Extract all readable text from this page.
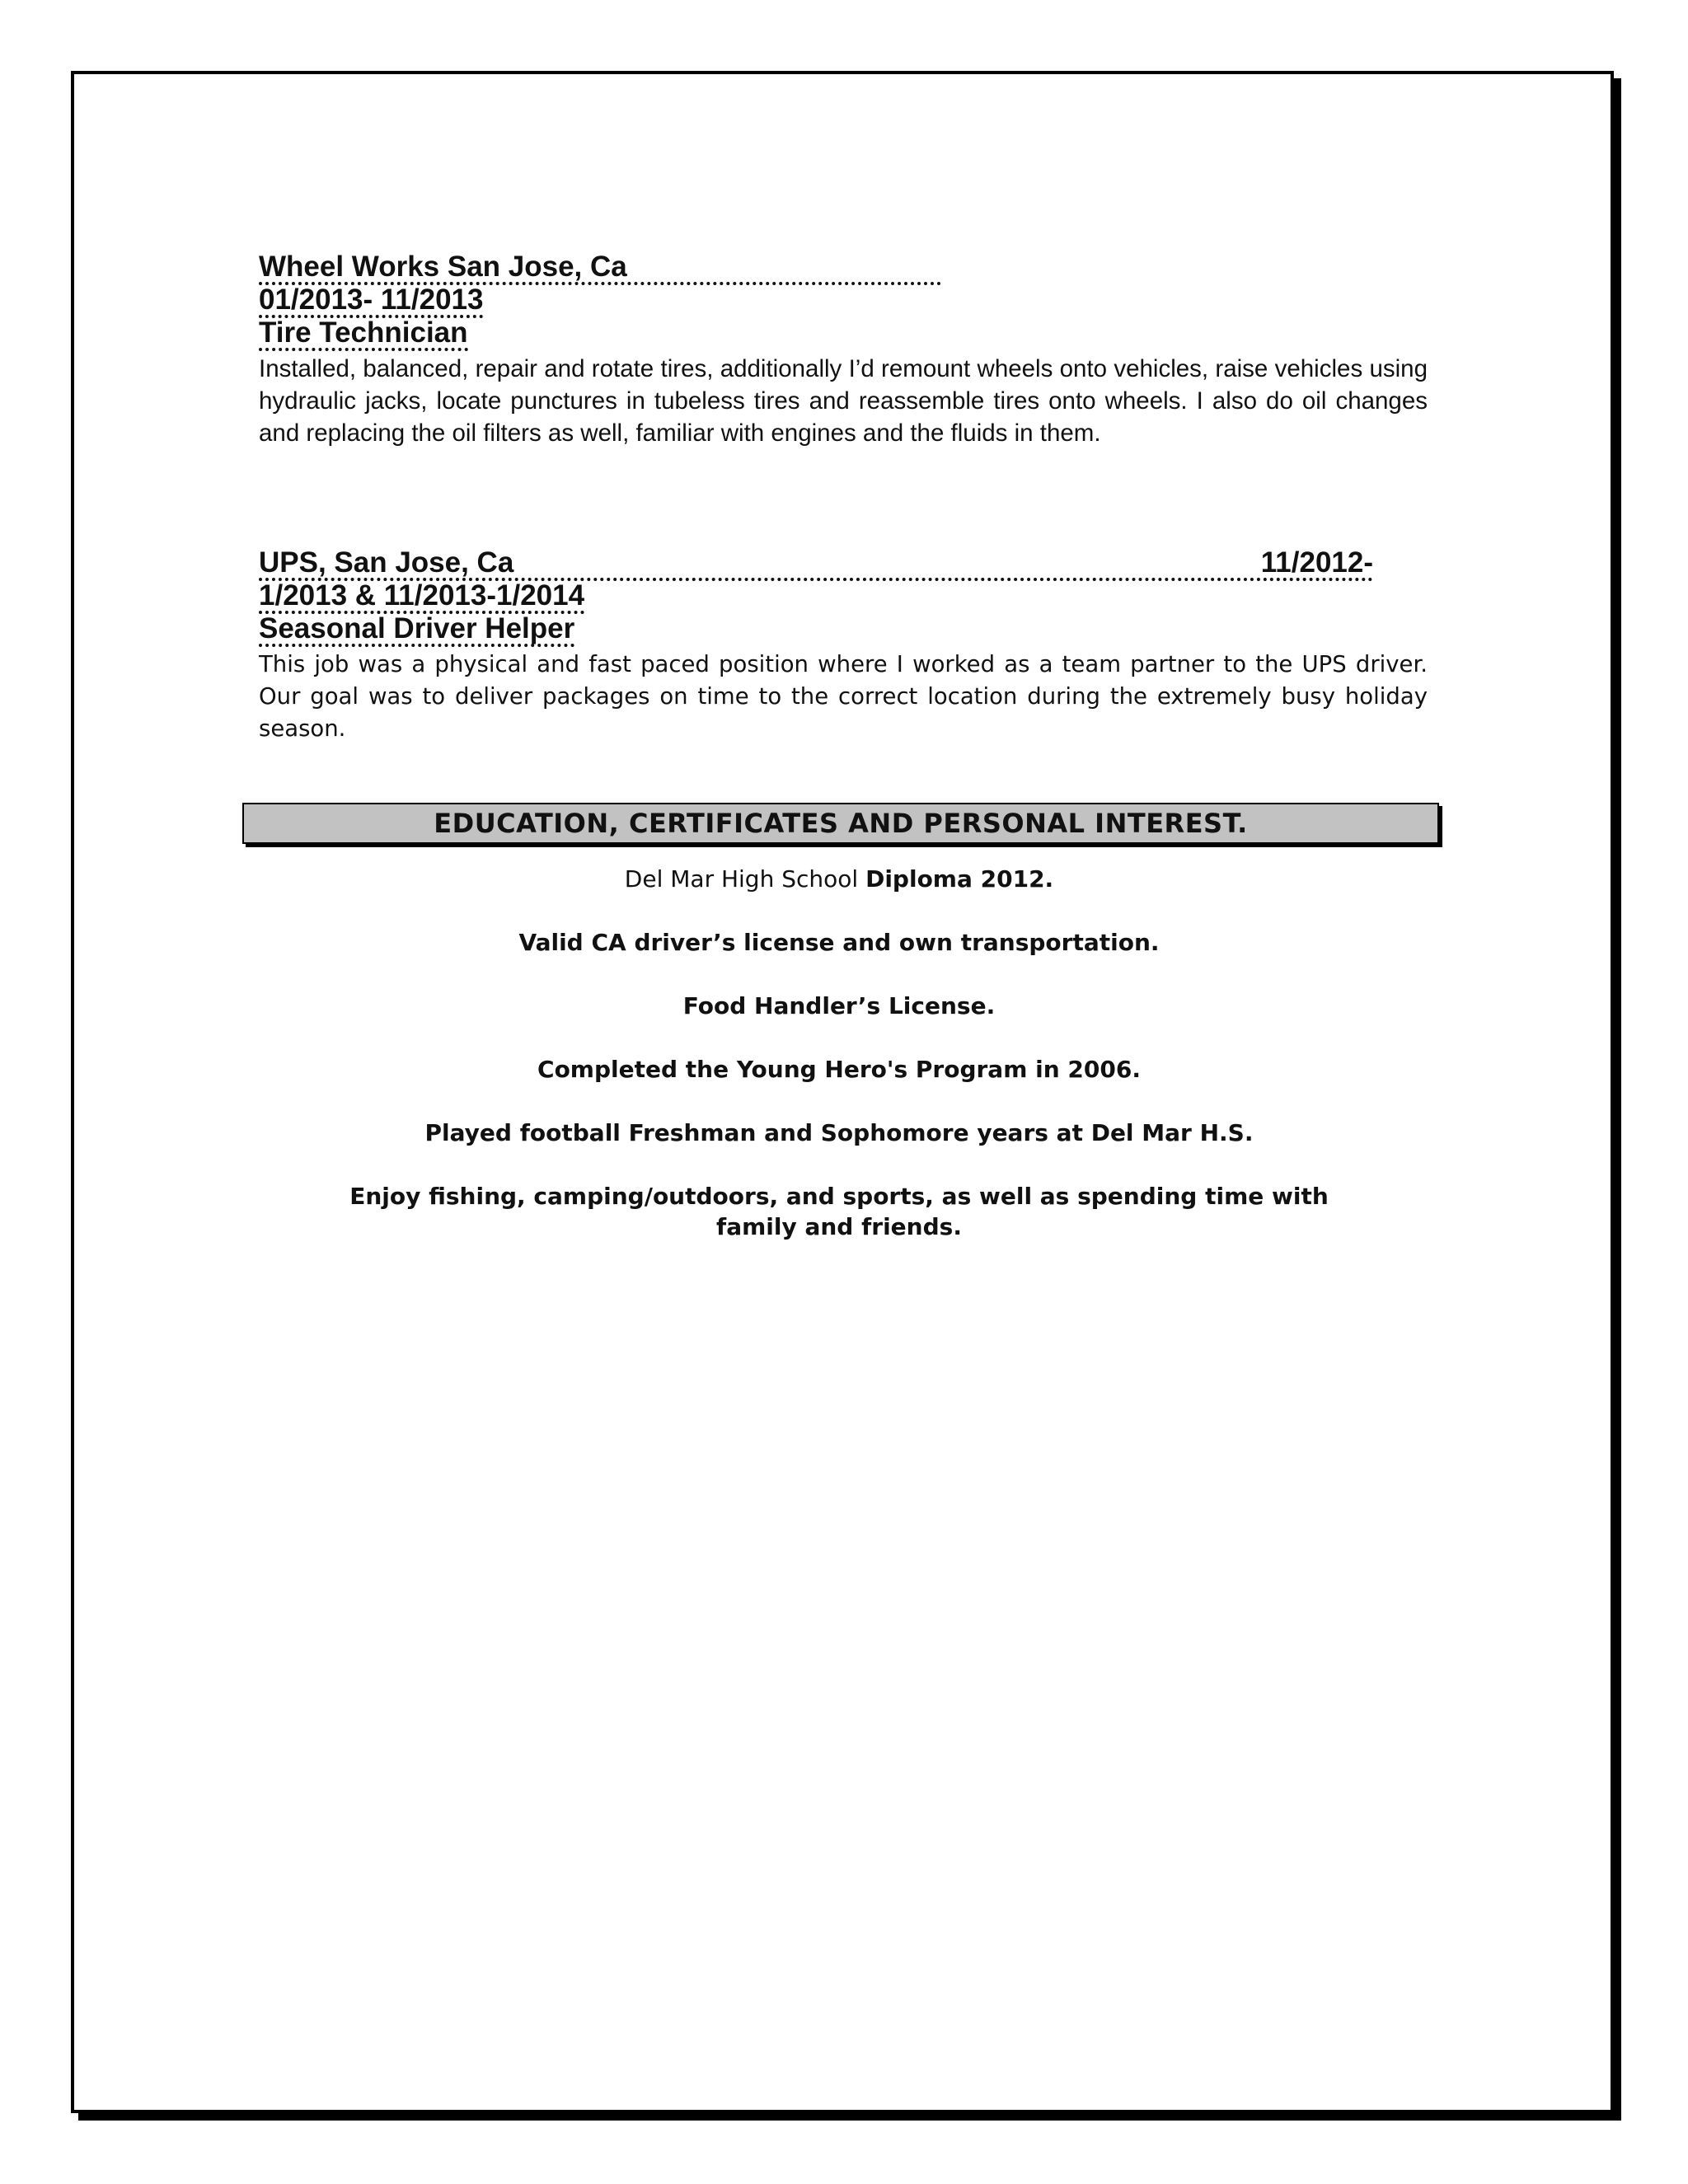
Wheel Works San Jose, Ca
01/2013- 11/2013
Tire Technician

Installed, balanced, repair and rotate tires, additionally I’d remount wheels onto vehicles, raise vehicles using hydraulic jacks, locate punctures in tubeless tires and reassemble tires onto wheels. I also do oil changes and replacing the oil filters as well, familiar with engines and the fluids in them.

UPS, San Jose, Ca	11/2012-
1/2013 & 11/2013-1/2014
Seasonal Driver Helper

This job was a physical and fast paced position where I worked as a team partner to the UPS driver. Our goal was to deliver packages on time to the correct location during the extremely busy holiday season.

EDUCATION, CERTIFICATES AND PERSONAL INTEREST.
Del Mar High School Diploma 2012.
Valid CA driver’s license and own transportation.
Food Handler’s License.
Completed the Young Hero's Program in 2006.
Played football Freshman and Sophomore years at Del Mar H.S.
Enjoy fishing, camping/outdoors, and sports, as well as spending time with family and friends.
